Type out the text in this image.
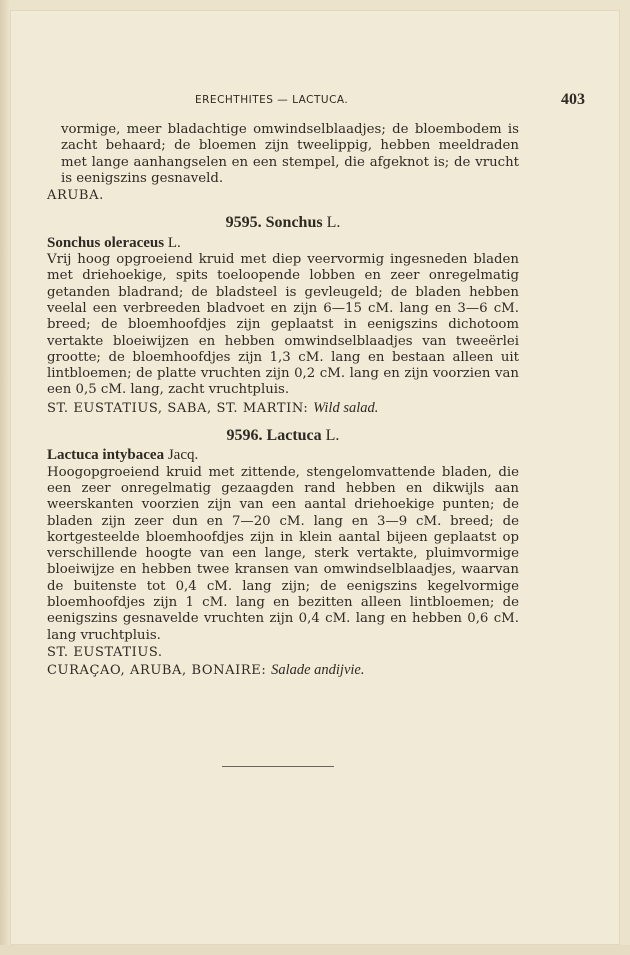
ERECHTHITES — LACTUCA.	403

vormige, meer bladachtige omwindselblaadjes; de bloembodem is zacht behaard; de bloemen zijn tweelippig, hebben meeldraden met lange aanhangselen en een stempel, die afgeknot is; de vrucht is eenigszins gesnaveld.

ARUBA.

9595. Sonchus L.
Sonchus oleraceus L.

Vrij hoog opgroeiend kruid met diep veervormig ingesneden bladen met driehoekige, spits toeloopende lobben en zeer onregelmatig getanden bladrand; de bladsteel is gevleugeld; de bladen hebben veelal een verbreeden bladvoet en zijn 6—15 cM. lang en 3—6 cM. breed; de bloemhoofdjes zijn geplaatst in eenigszins dichotoom vertakte bloeiwijzen en hebben omwindselblaadjes van tweeërlei grootte; de bloemhoofdjes zijn 1,3 cM. lang en bestaan alleen uit lintbloemen; de platte vruchten zijn 0,2 cM. lang en zijn voorzien van een 0,5 cM. lang, zacht vruchtpluis.

ST. EUSTATIUS, SABA, ST. MARTIN: Wild salad.

9596. Lactuca L.
Lactuca intybacea Jacq.

Hoogopgroeiend kruid met zittende, stengelomvattende bladen, die een zeer onregelmatig gezaagden rand hebben en dikwijls aan weerskanten voorzien zijn van een aantal driehoekige punten; de bladen zijn zeer dun en 7—20 cM. lang en 3—9 cM. breed; de kortgesteelde bloemhoofdjes zijn in klein aantal bijeen geplaatst op verschillende hoogte van een lange, sterk vertakte, pluimvormige bloeiwijze en hebben twee kransen van omwindselblaadjes, waarvan de buitenste tot 0,4 cM. lang zijn; de eenigszins kegelvormige bloemhoofdjes zijn 1 cM. lang en bezitten alleen lintbloemen; de eenigszins gesnavelde vruchten zijn 0,4 cM. lang en hebben 0,6 cM. lang vruchtpluis.

ST. EUSTATIUS.

CURAÇAO, ARUBA, BONAIRE: Salade andijvie.
